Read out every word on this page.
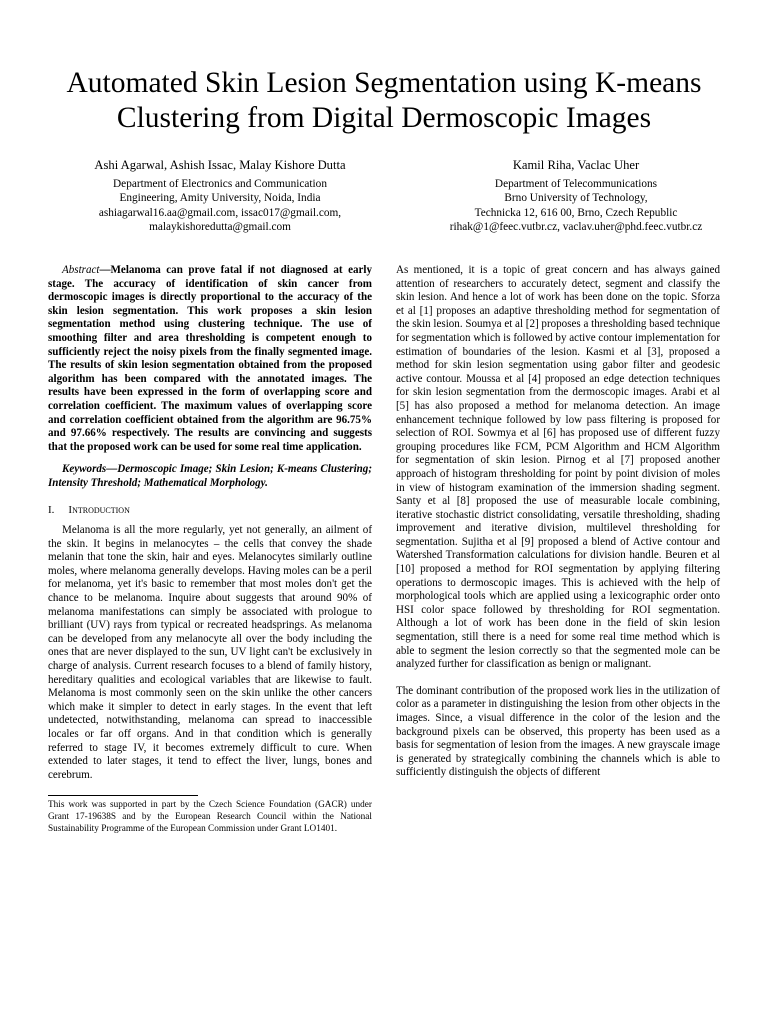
Automated Skin Lesion Segmentation using K-means Clustering from Digital Dermoscopic Images
Ashi Agarwal, Ashish Issac, Malay Kishore Dutta
Department of Electronics and Communication
Engineering, Amity University, Noida, India
ashiagarwal16.aa@gmail.com, issac017@gmail.com,
malaykishoredutta@gmail.com
Kamil Riha, Vaclac Uher
Department of Telecommunications
Brno University of Technology,
Technicka 12, 616 00, Brno, Czech Republic
rihak@1@feec.vutbr.cz, vaclav.uher@phd.feec.vutbr.cz

Abstract—Melanoma can prove fatal if not diagnosed at early stage. The accuracy of identification of skin cancer from dermoscopic images is directly proportional to the accuracy of the skin lesion segmentation. This work proposes a skin lesion segmentation method using clustering technique. The use of smoothing filter and area thresholding is competent enough to sufficiently reject the noisy pixels from the finally segmented image. The results of skin lesion segmentation obtained from the proposed algorithm has been compared with the annotated images. The results have been expressed in the form of overlapping score and correlation coefficient. The maximum values of overlapping score and correlation coefficient obtained from the algorithm are 96.75% and 97.66% respectively. The results are convincing and suggests that the proposed work can be used for some real time application.

Keywords—Dermoscopic Image; Skin Lesion; K-means Clustering; Intensity Threshold; Mathematical Morphology.

I. Introduction

Melanoma is all the more regularly, yet not generally, an ailment of the skin. It begins in melanocytes – the cells that convey the shade melanin that tone the skin, hair and eyes. Melanocytes similarly outline moles, where melanoma generally develops. Having moles can be a peril for melanoma, yet it's basic to remember that most moles don't get the chance to be melanoma. Inquire about suggests that around 90% of melanoma manifestations can simply be associated with prologue to brilliant (UV) rays from typical or recreated headsprings. As melanoma can be developed from any melanocyte all over the body including the ones that are never displayed to the sun, UV light can't be exclusively in charge of analysis. Current research focuses to a blend of family history, hereditary qualities and ecological variables that are likewise to fault. Melanoma is most commonly seen on the skin unlike the other cancers which make it simpler to detect in early stages. In the event that left undetected, notwithstanding, melanoma can spread to inaccessible locales or far off organs. And in that condition which is generally referred to stage IV, it becomes extremely difficult to cure. When extended to later stages, it tend to effect the liver, lungs, bones and cerebrum.

This work was supported in part by the Czech Science Foundation (GACR) under Grant 17-19638S and by the European Research Council within the National Sustainability Programme of the European Commission under Grant LO1401.

As mentioned, it is a topic of great concern and has always gained attention of researchers to accurately detect, segment and classify the skin lesion. And hence a lot of work has been done on the topic. Sforza et al [1] proposes an adaptive thresholding method for segmentation of the skin lesion. Soumya et al [2] proposes a thresholding based technique for segmentation which is followed by active contour implementation for estimation of boundaries of the lesion. Kasmi et al [3], proposed a method for skin lesion segmentation using gabor filter and geodesic active contour. Moussa et al [4] proposed an edge detection techniques for skin lesion segmentation from the dermoscopic images. Arabi et al [5] has also proposed a method for melanoma detection. An image enhancement technique followed by low pass filtering is proposed for selection of ROI. Sowmya et al [6] has proposed use of different fuzzy grouping procedures like FCM, PCM Algorithm and HCM Algorithm for segmentation of skin lesion. Pirnog et al [7] proposed another approach of histogram thresholding for point by point division of moles in view of histogram examination of the immersion shading segment. Santy et al [8] proposed the use of measurable locale combining, iterative stochastic district consolidating, versatile thresholding, shading improvement and iterative division, multilevel thresholding for segmentation. Sujitha et al [9] proposed a blend of Active contour and Watershed Transformation calculations for division handle. Beuren et al [10] proposed a method for ROI segmentation by applying filtering operations to dermoscopic images. This is achieved with the help of morphological tools which are applied using a lexicographic order onto HSI color space followed by thresholding for ROI segmentation. Although a lot of work has been done in the field of skin lesion segmentation, still there is a need for some real time method which is able to segment the lesion correctly so that the segmented mole can be analyzed further for classification as benign or malignant.

The dominant contribution of the proposed work lies in the utilization of color as a parameter in distinguishing the lesion from other objects in the images. Since, a visual difference in the color of the lesion and the background pixels can be observed, this property has been used as a basis for segmentation of lesion from the images. A new grayscale image is generated by strategically combining the channels which is able to sufficiently distinguish the objects of different
